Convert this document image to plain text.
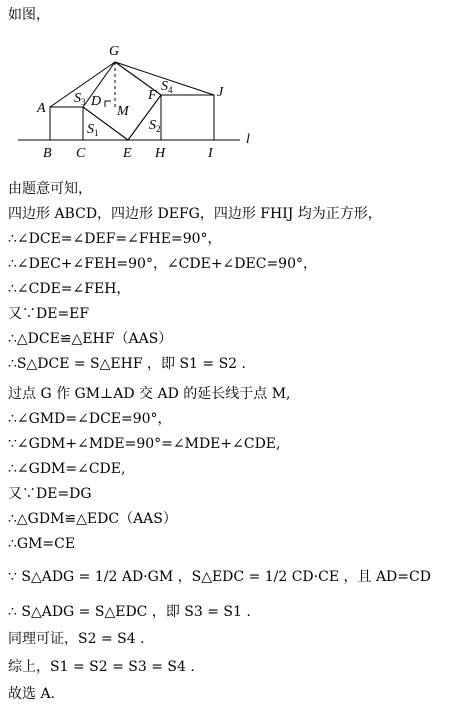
如图，
G
A	D
M
F	J
B C	E H	I
l
$S_3$
$S_1$	$S_2$
$S_4$
由题意可知，
四边形 ABCD，四边形 DEFG，四边形 FHIJ 均为正方形，
∴∠DCE=∠DEF=∠FHE=90°，
∴∠DEC+∠FEH=90°，∠CDE+∠DEC=90°，
∴∠CDE=∠FEH，
又∵DE=EF
∴△DCE≌△EHF（AAS）
∴S△DCE = S△EHF ，即 S1 = S2 .
过点 G 作 GM⊥AD 交 AD 的延长线于点 M,
∴∠GMD=∠DCE=90°，
∵∠GDM+∠MDE=90°=∠MDE+∠CDE,
∴∠GDM=∠CDE,
又∵DE=DG
∴△GDM≌△EDC（AAS）
∴GM=CE
∵ S△ADG = 1/2 AD·GM ，S△EDC = 1/2 CD·CE ，且 AD=CD
∴ S△ADG = S△EDC ，即 S3 = S1 .
同理可证，S2 = S4 .
综上，S1 = S2 = S3 = S4 .
故选 A.
